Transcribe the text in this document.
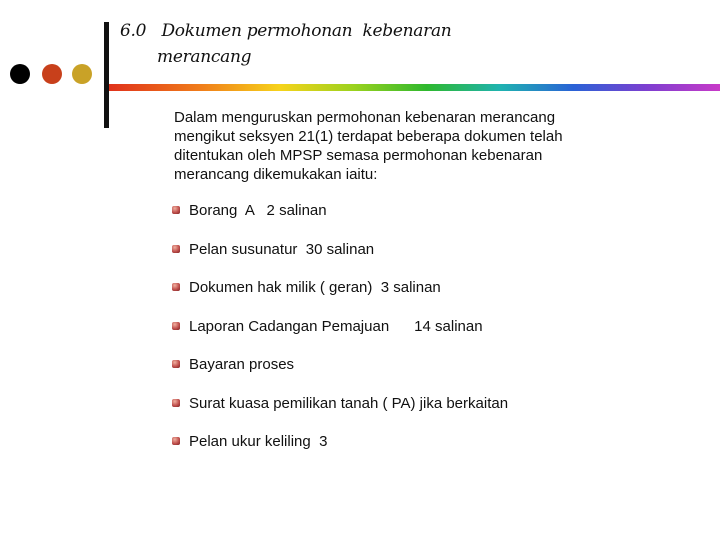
6.0   Dokumen permohonan  kebenaran
merancang

Dalam menguruskan permohonan kebenaran merancang mengikut seksyen 21(1) terdapat beberapa dokumen telah ditentukan oleh MPSP semasa permohonan kebenaran merancang dikemukakan iaitu:

Borang  A   2 salinan
Pelan susunatur  30 salinan
Dokumen hak milik ( geran)  3 salinan
Laporan Cadangan Pemajuan      14 salinan
Bayaran proses
Surat kuasa pemilikan tanah ( PA) jika berkaitan
Pelan ukur keliling  3
